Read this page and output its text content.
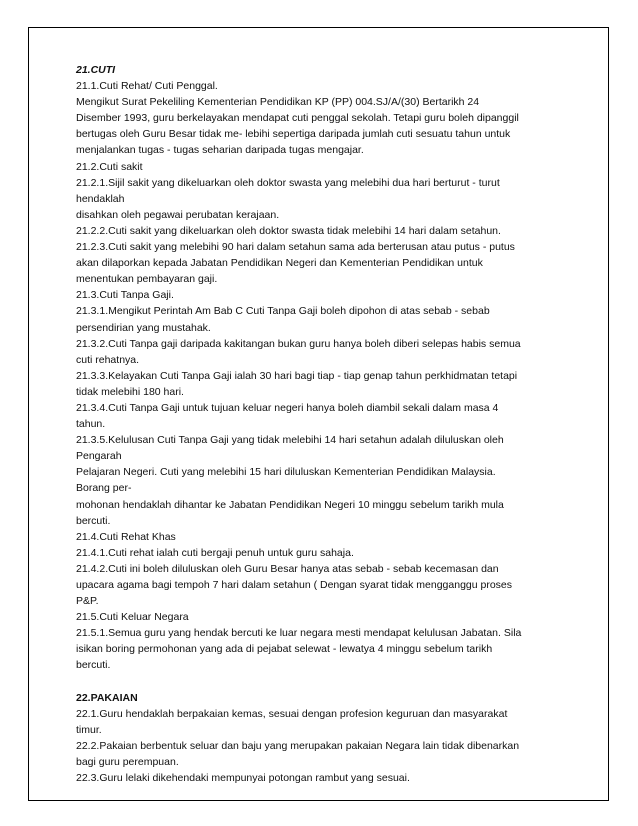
21.CUTI
21.1.Cuti Rehat/ Cuti Penggal.
Mengikut Surat Pekeliling Kementerian Pendidikan KP (PP) 004.SJ/A/(30) Bertarikh 24
Disember 1993, guru berkelayakan mendapat cuti penggal sekolah. Tetapi guru boleh dipanggil
bertugas oleh Guru Besar tidak me- lebihi sepertiga daripada jumlah cuti sesuatu tahun untuk
menjalankan tugas - tugas seharian daripada tugas mengajar.
21.2.Cuti sakit
21.2.1.Sijil sakit yang dikeluarkan oleh doktor swasta yang melebihi dua hari berturut - turut
hendaklah
disahkan oleh pegawai perubatan kerajaan.
21.2.2.Cuti sakit yang dikeluarkan oleh doktor swasta tidak melebihi 14 hari dalam setahun.
21.2.3.Cuti sakit yang melebihi 90 hari dalam setahun sama ada berterusan atau putus - putus
akan dilaporkan kepada Jabatan Pendidikan Negeri dan Kementerian Pendidikan untuk
menentukan pembayaran gaji.
21.3.Cuti Tanpa Gaji.
21.3.1.Mengikut Perintah Am Bab C Cuti Tanpa Gaji boleh dipohon di atas sebab - sebab
persendirian yang mustahak.
21.3.2.Cuti Tanpa gaji daripada kakitangan bukan guru hanya boleh diberi selepas habis semua
cuti rehatnya.
21.3.3.Kelayakan Cuti Tanpa Gaji ialah 30 hari bagi tiap - tiap genap tahun perkhidmatan tetapi
tidak melebihi 180 hari.
21.3.4.Cuti Tanpa Gaji untuk tujuan keluar negeri hanya boleh diambil sekali dalam masa 4
tahun.
21.3.5.Kelulusan Cuti Tanpa Gaji yang tidak melebihi 14 hari setahun adalah diluluskan oleh
Pengarah
Pelajaran Negeri. Cuti yang melebihi 15 hari diluluskan Kementerian Pendidikan Malaysia.
Borang per-
mohonan hendaklah dihantar ke Jabatan Pendidikan Negeri 10 minggu sebelum tarikh mula
bercuti.
21.4.Cuti Rehat Khas
21.4.1.Cuti rehat ialah cuti bergaji penuh untuk guru sahaja.
21.4.2.Cuti ini boleh diluluskan oleh Guru Besar hanya atas sebab - sebab kecemasan dan
upacara agama bagi tempoh 7 hari dalam setahun ( Dengan syarat tidak mengganggu proses
P&P.
21.5.Cuti Keluar Negara
21.5.1.Semua guru yang hendak bercuti ke luar negara mesti mendapat kelulusan Jabatan. Sila
isikan boring permohonan yang ada di pejabat selewat - lewatya 4 minggu sebelum tarikh
bercuti.
22.PAKAIAN
22.1.Guru hendaklah berpakaian kemas, sesuai dengan profesion keguruan dan masyarakat
timur.
22.2.Pakaian berbentuk seluar dan baju yang merupakan pakaian Negara lain tidak dibenarkan
bagi guru perempuan.
22.3.Guru lelaki dikehendaki mempunyai potongan rambut yang sesuai.
